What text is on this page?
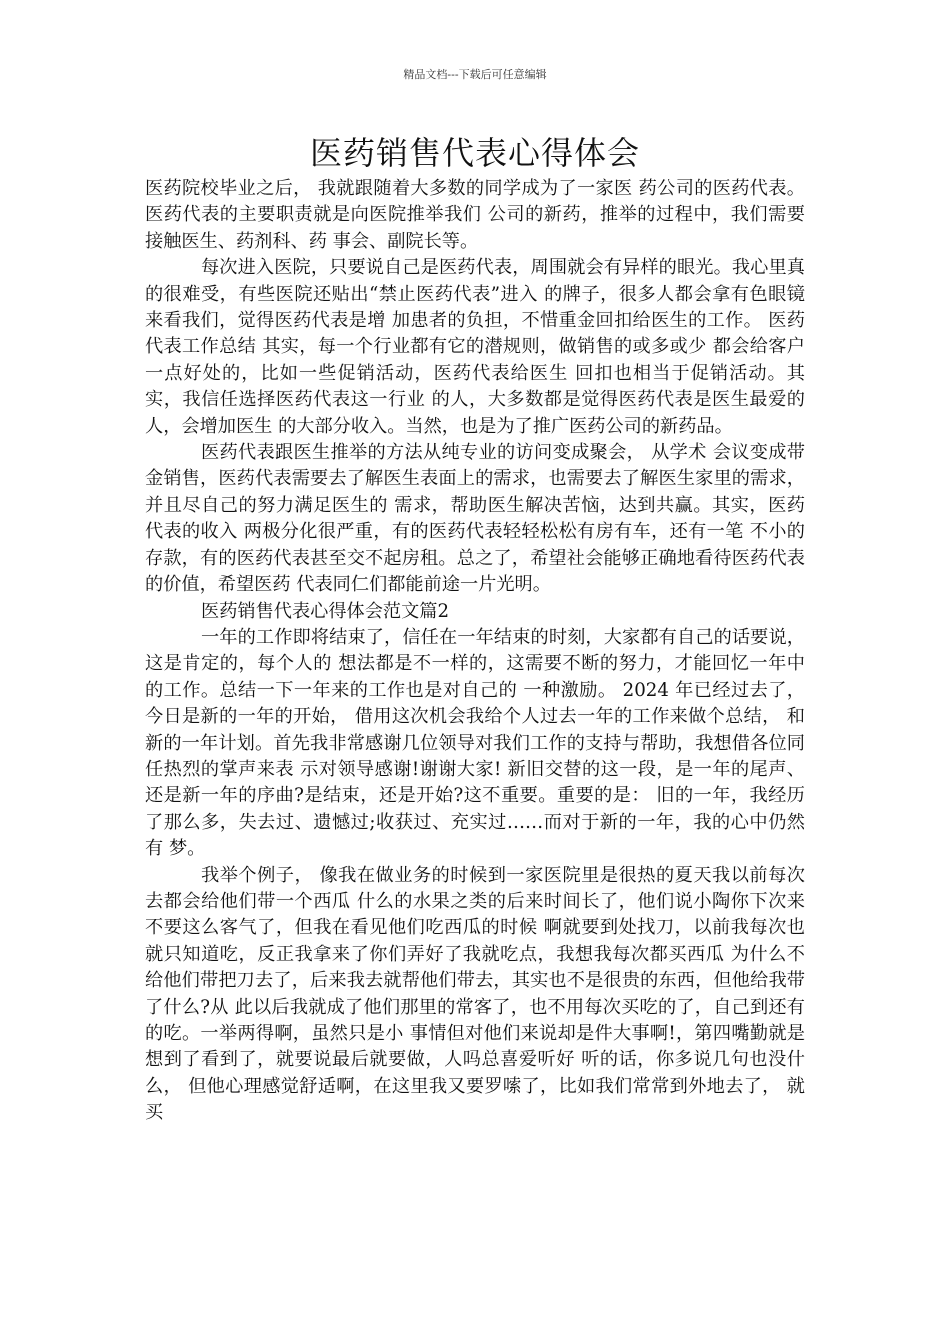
精品文档---下载后可任意编辑
医药销售代表心得体会

医药院校毕业之后， 我就跟随着大多数的同学成为了一家医 药公司的医药代表。 医药代表的主要职责就是向医院推举我们 公司的新药，推举的过程中，我们需要接触医生、药剂科、药 事会、副院长等。

每次进入医院，只要说自己是医药代表，周围就会有异样的眼光。我心里真的很难受，有些医院还贴出“禁止医药代表”进入 的牌子，很多人都会拿有色眼镜来看我们，觉得医药代表是增 加患者的负担，不惜重金回扣给医生的工作。 医药代表工作总结 其实，每一个行业都有它的潜规则，做销售的或多或少 都会给客户一点好处的，比如一些促销活动，医药代表给医生 回扣也相当于促销活动。其实，我信任选择医药代表这一行业 的人，大多数都是觉得医药代表是医生最爱的人，会增加医生 的大部分收入。当然，也是为了推广医药公司的新药品。

医药代表跟医生推举的方法从纯专业的访问变成聚会， 从学术 会议变成带金销售，医药代表需要去了解医生表面上的需求，也需要去了解医生家里的需求， 并且尽自己的努力满足医生的 需求，帮助医生解决苦恼，达到共赢。其实，医药代表的收入 两极分化很严重，有的医药代表轻轻松松有房有车，还有一笔 不小的存款，有的医药代表甚至交不起房租。总之了，希望社会能够正确地看待医药代表的价值，希望医药 代表同仁们都能前途一片光明。

医药销售代表心得体会范文篇2

一年的工作即将结束了，信任在一年结束的时刻，大家都有自己的话要说，这是肯定的，每个人的 想法都是不一样的，这需要不断的努力，才能回忆一年中的工作。总结一下一年来的工作也是对自己的 一种激励。 2024 年已经过去了， 今日是新的一年的开始， 借用这次机会我给个人过去一年的工作来做个总结， 和新的一年计划。首先我非常感谢几位领导对我们工作的支持与帮助，我想借各位同任热烈的掌声来表 示对领导感谢!谢谢大家! 新旧交替的这一段，是一年的尾声、还是新一年的序曲?是结束，还是开始?这不重要。重要的是： 旧的一年，我经历了那么多，失去过、遗憾过;收获过、充实过……而对于新的一年，我的心中仍然有 梦。

我举个例子， 像我在做业务的时候到一家医院里是很热的夏天我以前每次去都会给他们带一个西瓜 什么的水果之类的后来时间长了，他们说小陶你下次来不要这么客气了，但我在看见他们吃西瓜的时候 啊就要到处找刀，以前我每次也就只知道吃，反正我拿来了你们弄好了我就吃点，我想我每次都买西瓜 为什么不给他们带把刀去了，后来我去就帮他们带去，其实也不是很贵的东西，但他给我带了什么?从 此以后我就成了他们那里的常客了，也不用每次买吃的了，自己到还有的吃。一举两得啊，虽然只是小 事情但对他们来说却是件大事啊!，第四嘴勤就是想到了看到了，就要说最后就要做，人吗总喜爱听好 听的话，你多说几句也没什么， 但他心理感觉舒适啊，在这里我又要罗嗦了，比如我们常常到外地去了， 就买
